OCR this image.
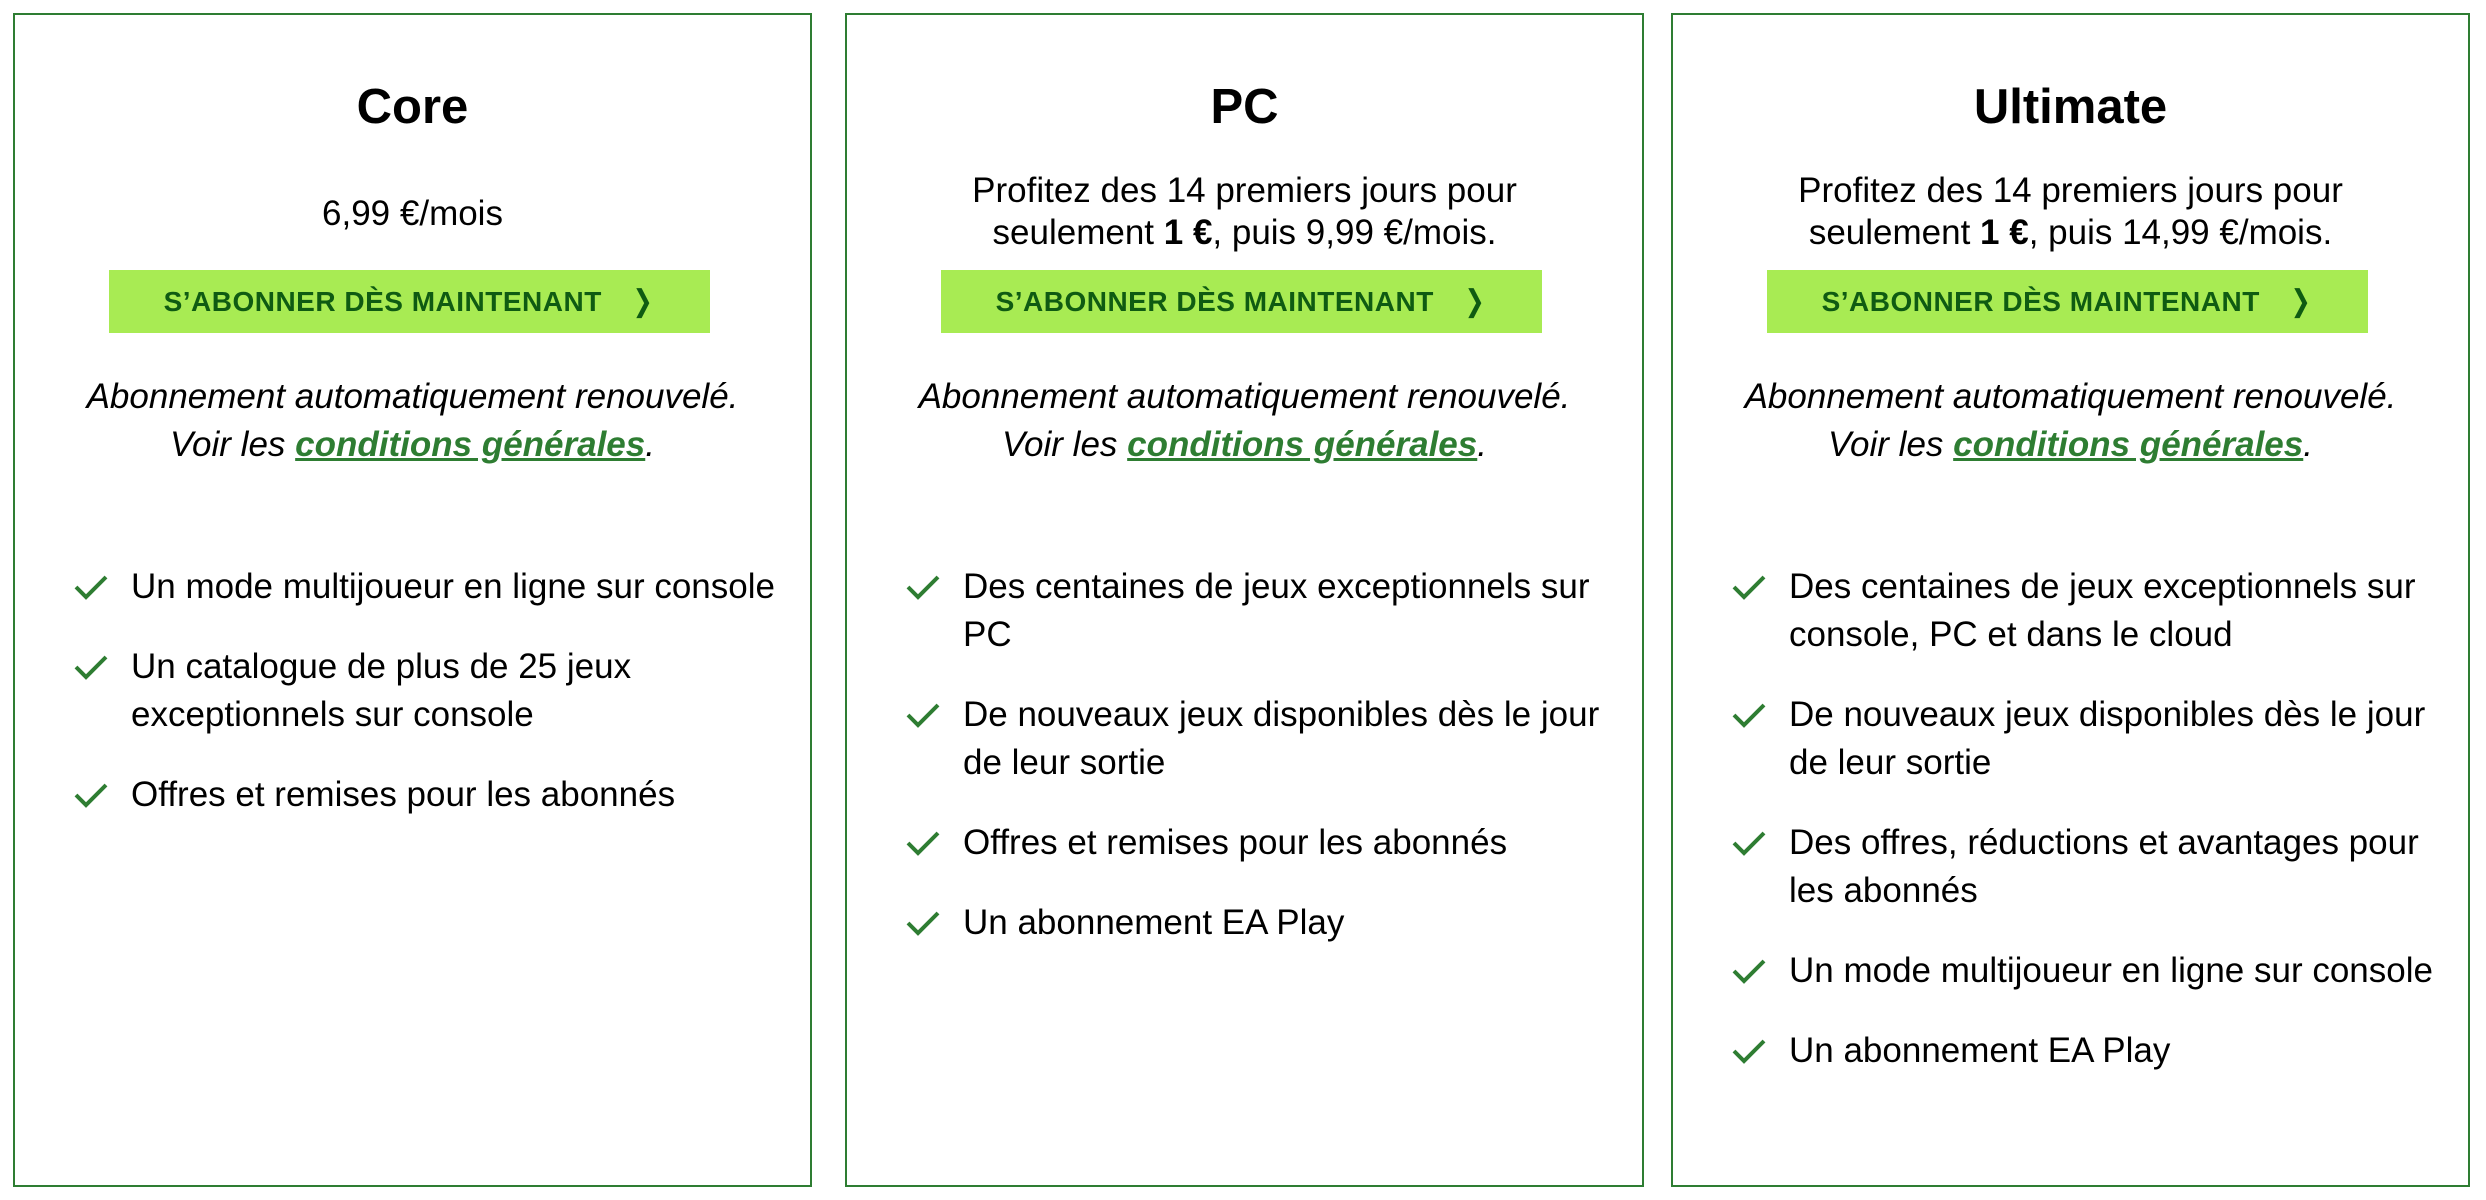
Core
6,99 €/mois
S’ABONNER DÈS MAINTENANT ❯
Abonnement automatiquement renouvelé.
Voir les conditions générales.
Un mode multijoueur en ligne sur console
Un catalogue de plus de 25 jeux exceptionnels sur console
Offres et remises pour les abonnés
PC
Profitez des 14 premiers jours pour seulement 1 €, puis 9,99 €/mois.
S’ABONNER DÈS MAINTENANT ❯
Abonnement automatiquement renouvelé.
Voir les conditions générales.
Des centaines de jeux exceptionnels sur PC
De nouveaux jeux disponibles dès le jour de leur sortie
Offres et remises pour les abonnés
Un abonnement EA Play
Ultimate
Profitez des 14 premiers jours pour seulement 1 €, puis 14,99 €/mois.
S’ABONNER DÈS MAINTENANT ❯
Abonnement automatiquement renouvelé.
Voir les conditions générales.
Des centaines de jeux exceptionnels sur console, PC et dans le cloud
De nouveaux jeux disponibles dès le jour de leur sortie
Des offres, réductions et avantages pour les abonnés
Un mode multijoueur en ligne sur console
Un abonnement EA Play
